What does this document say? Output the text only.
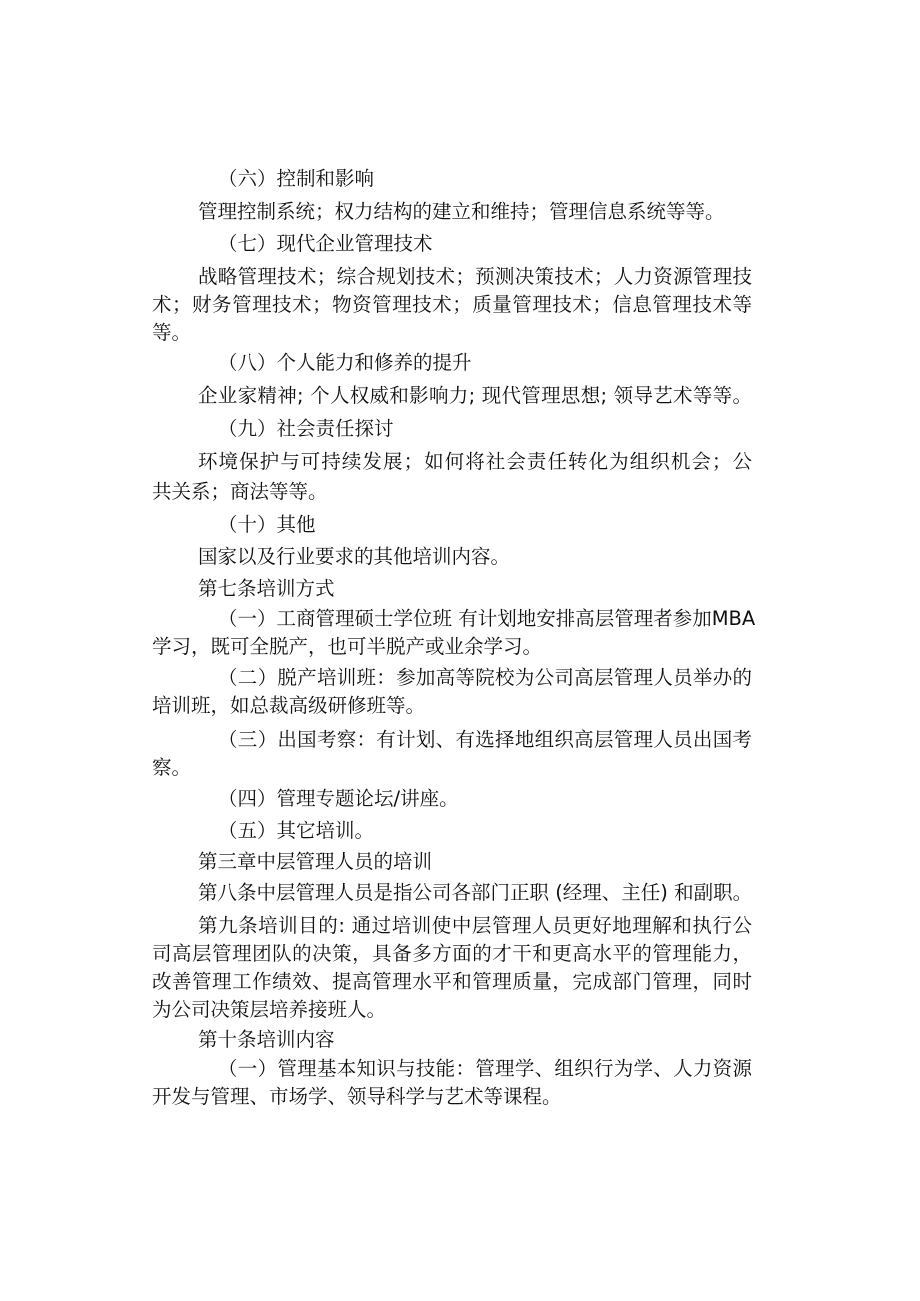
（六）控制和影响

管理控制系统；权力结构的建立和维持；管理信息系统等等。

（七）现代企业管理技术

战略管理技术；综合规划技术；预测决策技术；人力资源管理技

术；财务管理技术；物资管理技术；质量管理技术；信息管理技术等

等。

（八）个人能力和修养的提升

企业家精神; 个人权威和影响力; 现代管理思想; 领导艺术等等。

（九）社会责任探讨

环境保护与可持续发展；如何将社会责任转化为组织机会；公

共关系；商法等等。

（十）其他

国家以及行业要求的其他培训内容。

第七条培训方式

（一）工商管理硕士学位班 有计划地安排高层管理者参加MBA

学习，既可全脱产，也可半脱产或业余学习。

（二）脱产培训班：参加高等院校为公司高层管理人员举办的

培训班，如总裁高级研修班等。

（三）出国考察：有计划、有选择地组织高层管理人员出国考

察。

（四）管理专题论坛/讲座。

（五）其它培训。

第三章中层管理人员的培训

第八条中层管理人员是指公司各部门正职 (经理、主任) 和副职。

第九条培训目的: 通过培训使中层管理人员更好地理解和执行公

司高层管理团队的决策，具备多方面的才干和更高水平的管理能力，

改善管理工作绩效、提高管理水平和管理质量，完成部门管理，同时

为公司决策层培养接班人。

第十条培训内容

（一）管理基本知识与技能：管理学、组织行为学、人力资源

开发与管理、市场学、领导科学与艺术等课程。
